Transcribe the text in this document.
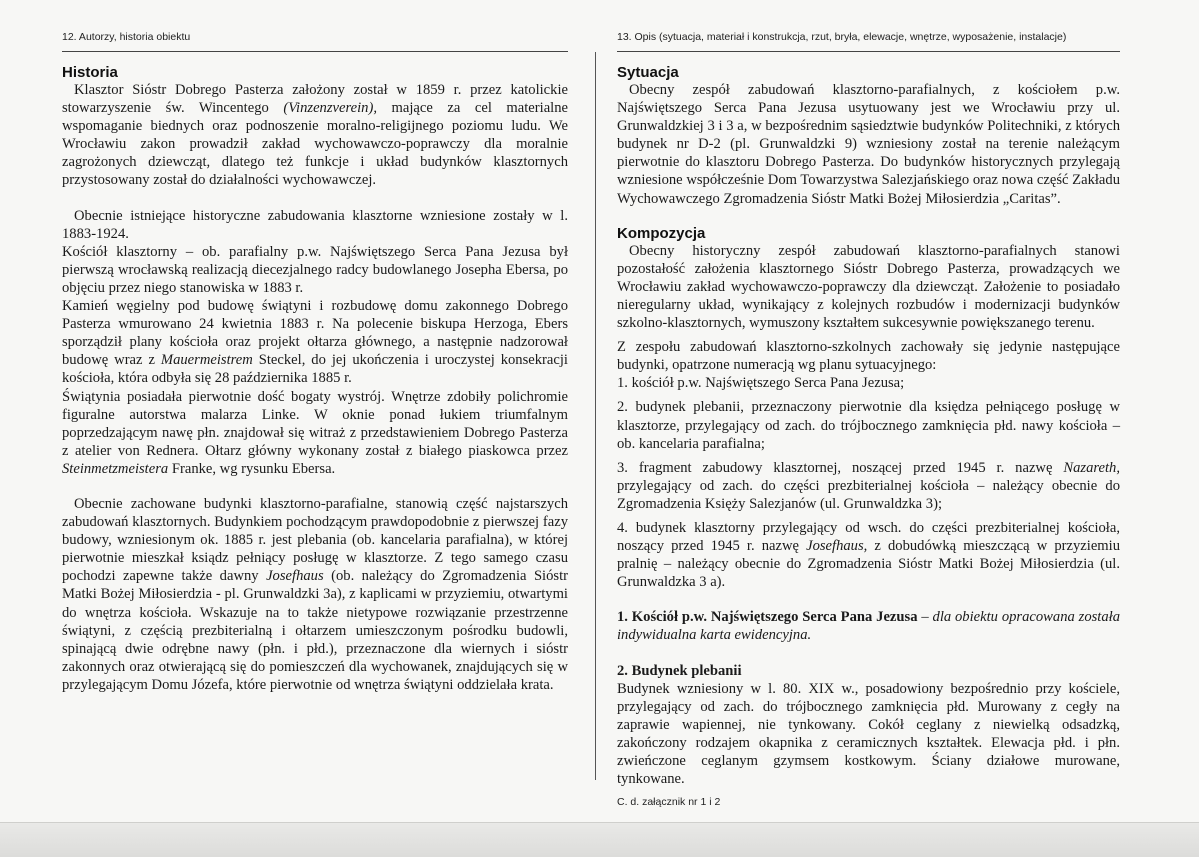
12. Autorzy, historia obiektu
Historia

Klasztor Sióstr Dobrego Pasterza założony został w 1859 r. przez katolickie stowarzyszenie św. Wincentego (Vinzenzverein), mające za cel materialne wspomaganie biednych oraz podnoszenie moralno-religijnego poziomu ludu. We Wrocławiu zakon prowadził zakład wychowawczo-poprawczy dla moralnie zagrożonych dziewcząt, dlatego też funkcje i układ budynków klasztornych przystosowany został do działalności wychowawczej.

Obecnie istniejące historyczne zabudowania klasztorne wzniesione zostały w l. 1883-1924.

Kościół klasztorny – ob. parafialny p.w. Najświętszego Serca Pana Jezusa był pierwszą wrocławską realizacją diecezjalnego radcy budowlanego Josepha Ebersa, po objęciu przez niego stanowiska w 1883 r.

Kamień węgielny pod budowę świątyni i rozbudowę domu zakonnego Dobrego Pasterza wmurowano 24 kwietnia 1883 r. Na polecenie biskupa Herzoga, Ebers sporządził plany kościoła oraz projekt ołtarza głównego, a następnie nadzorował budowę wraz z Mauermeistrem Steckel, do jej ukończenia i uroczystej konsekracji kościoła, która odbyła się 28 października 1885 r.

Świątynia posiadała pierwotnie dość bogaty wystrój. Wnętrze zdobiły polichromie figuralne autorstwa malarza Linke. W oknie ponad łukiem triumfalnym poprzedzającym nawę płn. znajdował się witraż z przedstawieniem Dobrego Pasterza z atelier von Rednera. Ołtarz główny wykonany został z białego piaskowca przez Steinmetzmeistera Franke, wg rysunku Ebersa.

Obecnie zachowane budynki klasztorno-parafialne, stanowią część najstarszych zabudowań klasztornych. Budynkiem pochodzącym prawdopodobnie z pierwszej fazy budowy, wzniesionym ok. 1885 r. jest plebania (ob. kancelaria parafialna), w której pierwotnie mieszkał ksiądz pełniący posługę w klasztorze. Z tego samego czasu pochodzi zapewne także dawny Josefhaus (ob. należący do Zgromadzenia Sióstr Matki Bożej Miłosierdzia - pl. Grunwaldzki 3a), z kaplicami w przyziemiu, otwartymi do wnętrza kościoła. Wskazuje na to także nietypowe rozwiązanie przestrzenne świątyni, z częścią prezbiterialną i ołtarzem umieszczonym pośrodku budowli, spinającą dwie odrębne nawy (płn. i płd.), przeznaczone dla wiernych i sióstr zakonnych oraz otwierającą się do pomieszczeń dla wychowanek, znajdujących się w przylegającym Domu Józefa, które pierwotnie od wnętrza świątyni oddzielała krata.

13. Opis (sytuacja, materiał i konstrukcja, rzut, bryła, elewacje, wnętrze, wyposażenie, instalacje)
Sytuacja

Obecny zespół zabudowań klasztorno-parafialnych, z kościołem p.w. Najświętszego Serca Pana Jezusa usytuowany jest we Wrocławiu przy ul. Grunwaldzkiej 3 i 3 a, w bezpośrednim sąsiedztwie budynków Politechniki, z których budynek nr D-2 (pl. Grunwaldzki 9) wzniesiony został na terenie należącym pierwotnie do klasztoru Dobrego Pasterza. Do budynków historycznych przylegają wzniesione współcześnie Dom Towarzystwa Salezjańskiego oraz nowa część Zakładu Wychowawczego Zgromadzenia Sióstr Matki Bożej Miłosierdzia „Caritas”.

Kompozycja

Obecny historyczny zespół zabudowań klasztorno-parafialnych stanowi pozostałość założenia klasztornego Sióstr Dobrego Pasterza, prowadzących we Wrocławiu zakład wychowawczo-poprawczy dla dziewcząt. Założenie to posiadało nieregularny układ, wynikający z kolejnych rozbudów i modernizacji budynków szkolno-klasztornych, wymuszony kształtem sukcesywnie powiększanego terenu.

Z zespołu zabudowań klasztorno-szkolnych zachowały się jedynie następujące budynki, opatrzone numeracją wg planu sytuacyjnego:

1. kościół p.w. Najświętszego Serca Pana Jezusa;

2. budynek plebanii, przeznaczony pierwotnie dla księdza pełniącego posługę w klasztorze, przylegający od zach. do trójbocznego zamknięcia płd. nawy kościoła – ob. kancelaria parafialna;

3. fragment zabudowy klasztornej, noszącej przed 1945 r. nazwę Nazareth, przylegający od zach. do części prezbiterialnej kościoła – należący obecnie do Zgromadzenia Księży Salezjanów (ul. Grunwaldzka 3);

4. budynek klasztorny przylegający od wsch. do części prezbiterialnej kościoła, noszący przed 1945 r. nazwę Josefhaus, z dobudówką mieszczącą w przyziemiu pralnię – należący obecnie do Zgromadzenia Sióstr Matki Bożej Miłosierdzia (ul. Grunwaldzka 3 a).

1. Kościół p.w. Najświętszego Serca Pana Jezusa – dla obiektu opracowana została indywidualna karta ewidencyjna.

2. Budynek plebanii

Budynek wzniesiony w l. 80. XIX w., posadowiony bezpośrednio przy kościele, przylegający od zach. do trójbocznego zamknięcia płd. Murowany z cegły na zaprawie wapiennej, nie tynkowany. Cokół ceglany z niewielką odsadzką, zakończony rodzajem okapnika z ceramicznych kształtek. Elewacja płd. i płn. zwieńczone ceglanym gzymsem kostkowym. Ściany działowe murowane, tynkowane.

C. d. załącznik nr 1 i 2
